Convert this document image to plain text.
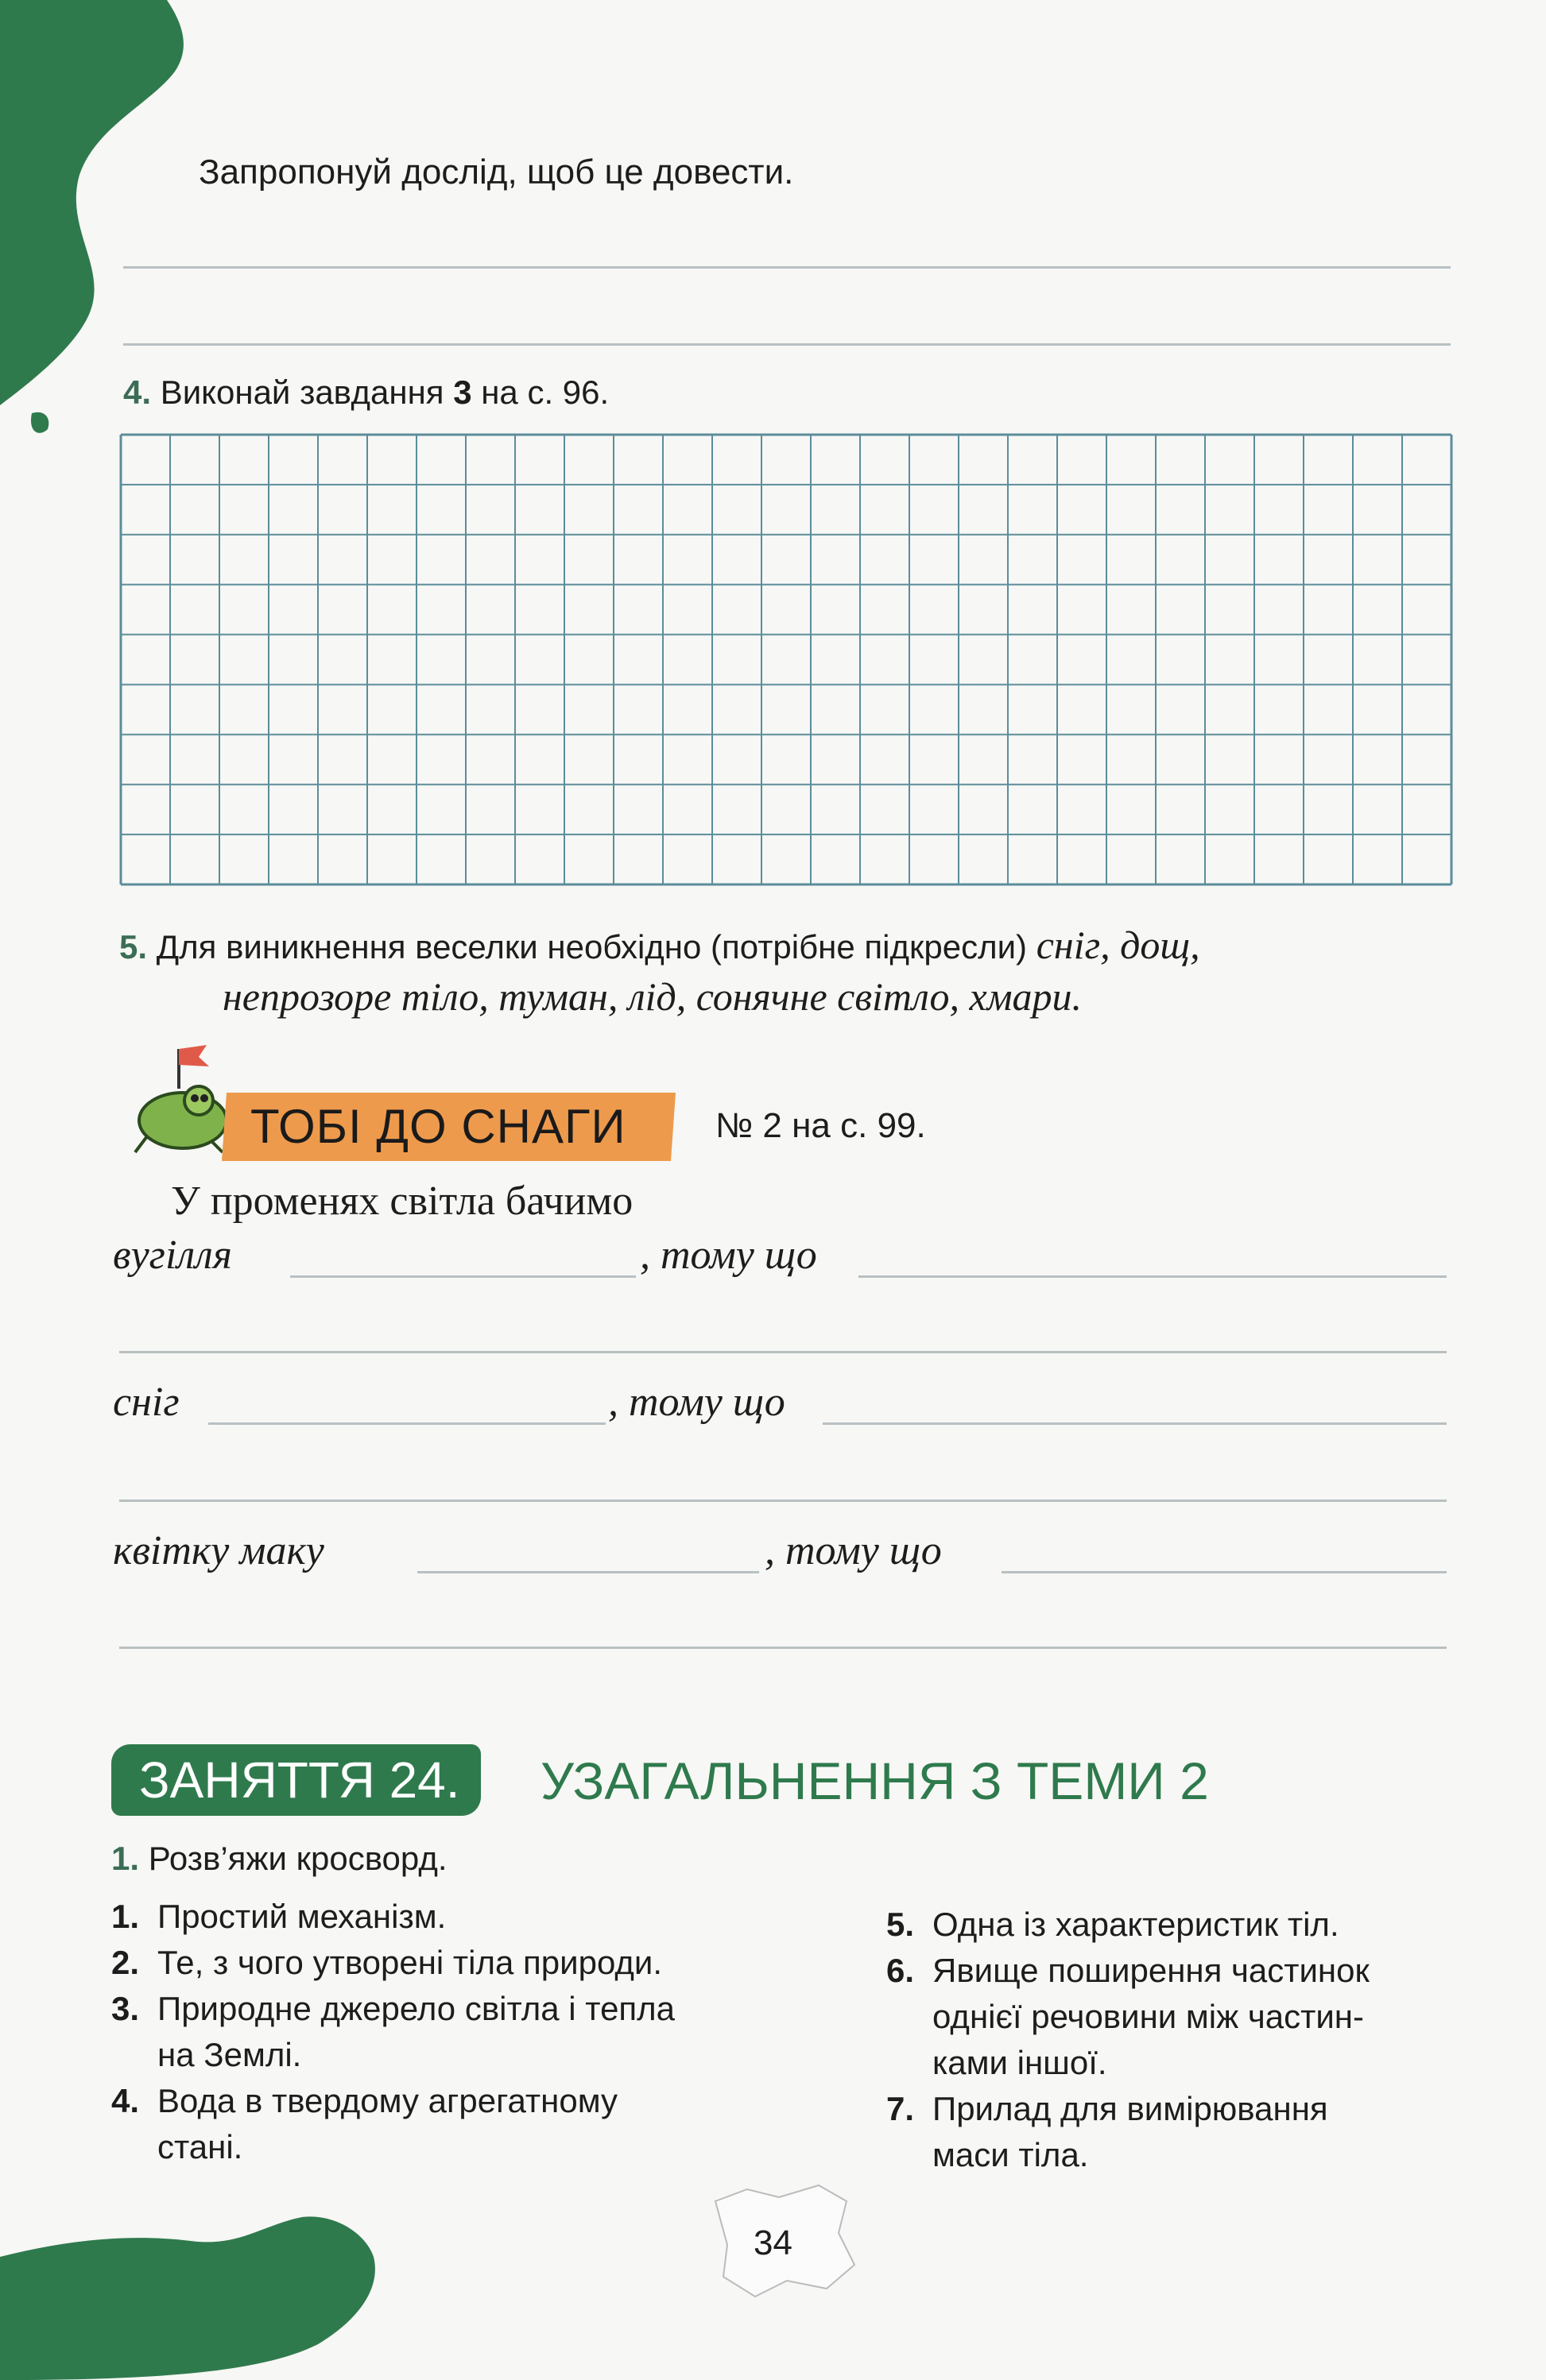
Запропонуй дослід, щоб це довести.
4. Виконай завдання 3 на с. 96.
5. Для виникнення веселки необхідно (потрібне підкресли) сніг, дощ,
непрозоре тіло, туман, лід, сонячне світло, хмари.
ТОБІ ДО СНАГИ	№ 2 на с. 99.
У променях світла бачимо
вугілля	, тому що
сніг	, тому що
квітку маку	, тому що
ЗАНЯТТЯ 24. УЗАГАЛЬНЕННЯ З ТЕМИ 2
1. Розв’яжи кросворд.
1. Простий механізм.
2. Те, з чого утворені тіла природи.
3. Природне джерело світла і тепла
на Землі.
4. Вода в твердому агрегатному
стані.
5. Одна із характеристик тіл.
6. Явище поширення частинок
однієї речовини між частин-
ками іншої.
7. Прилад для вимірювання
маси тіла.
34
